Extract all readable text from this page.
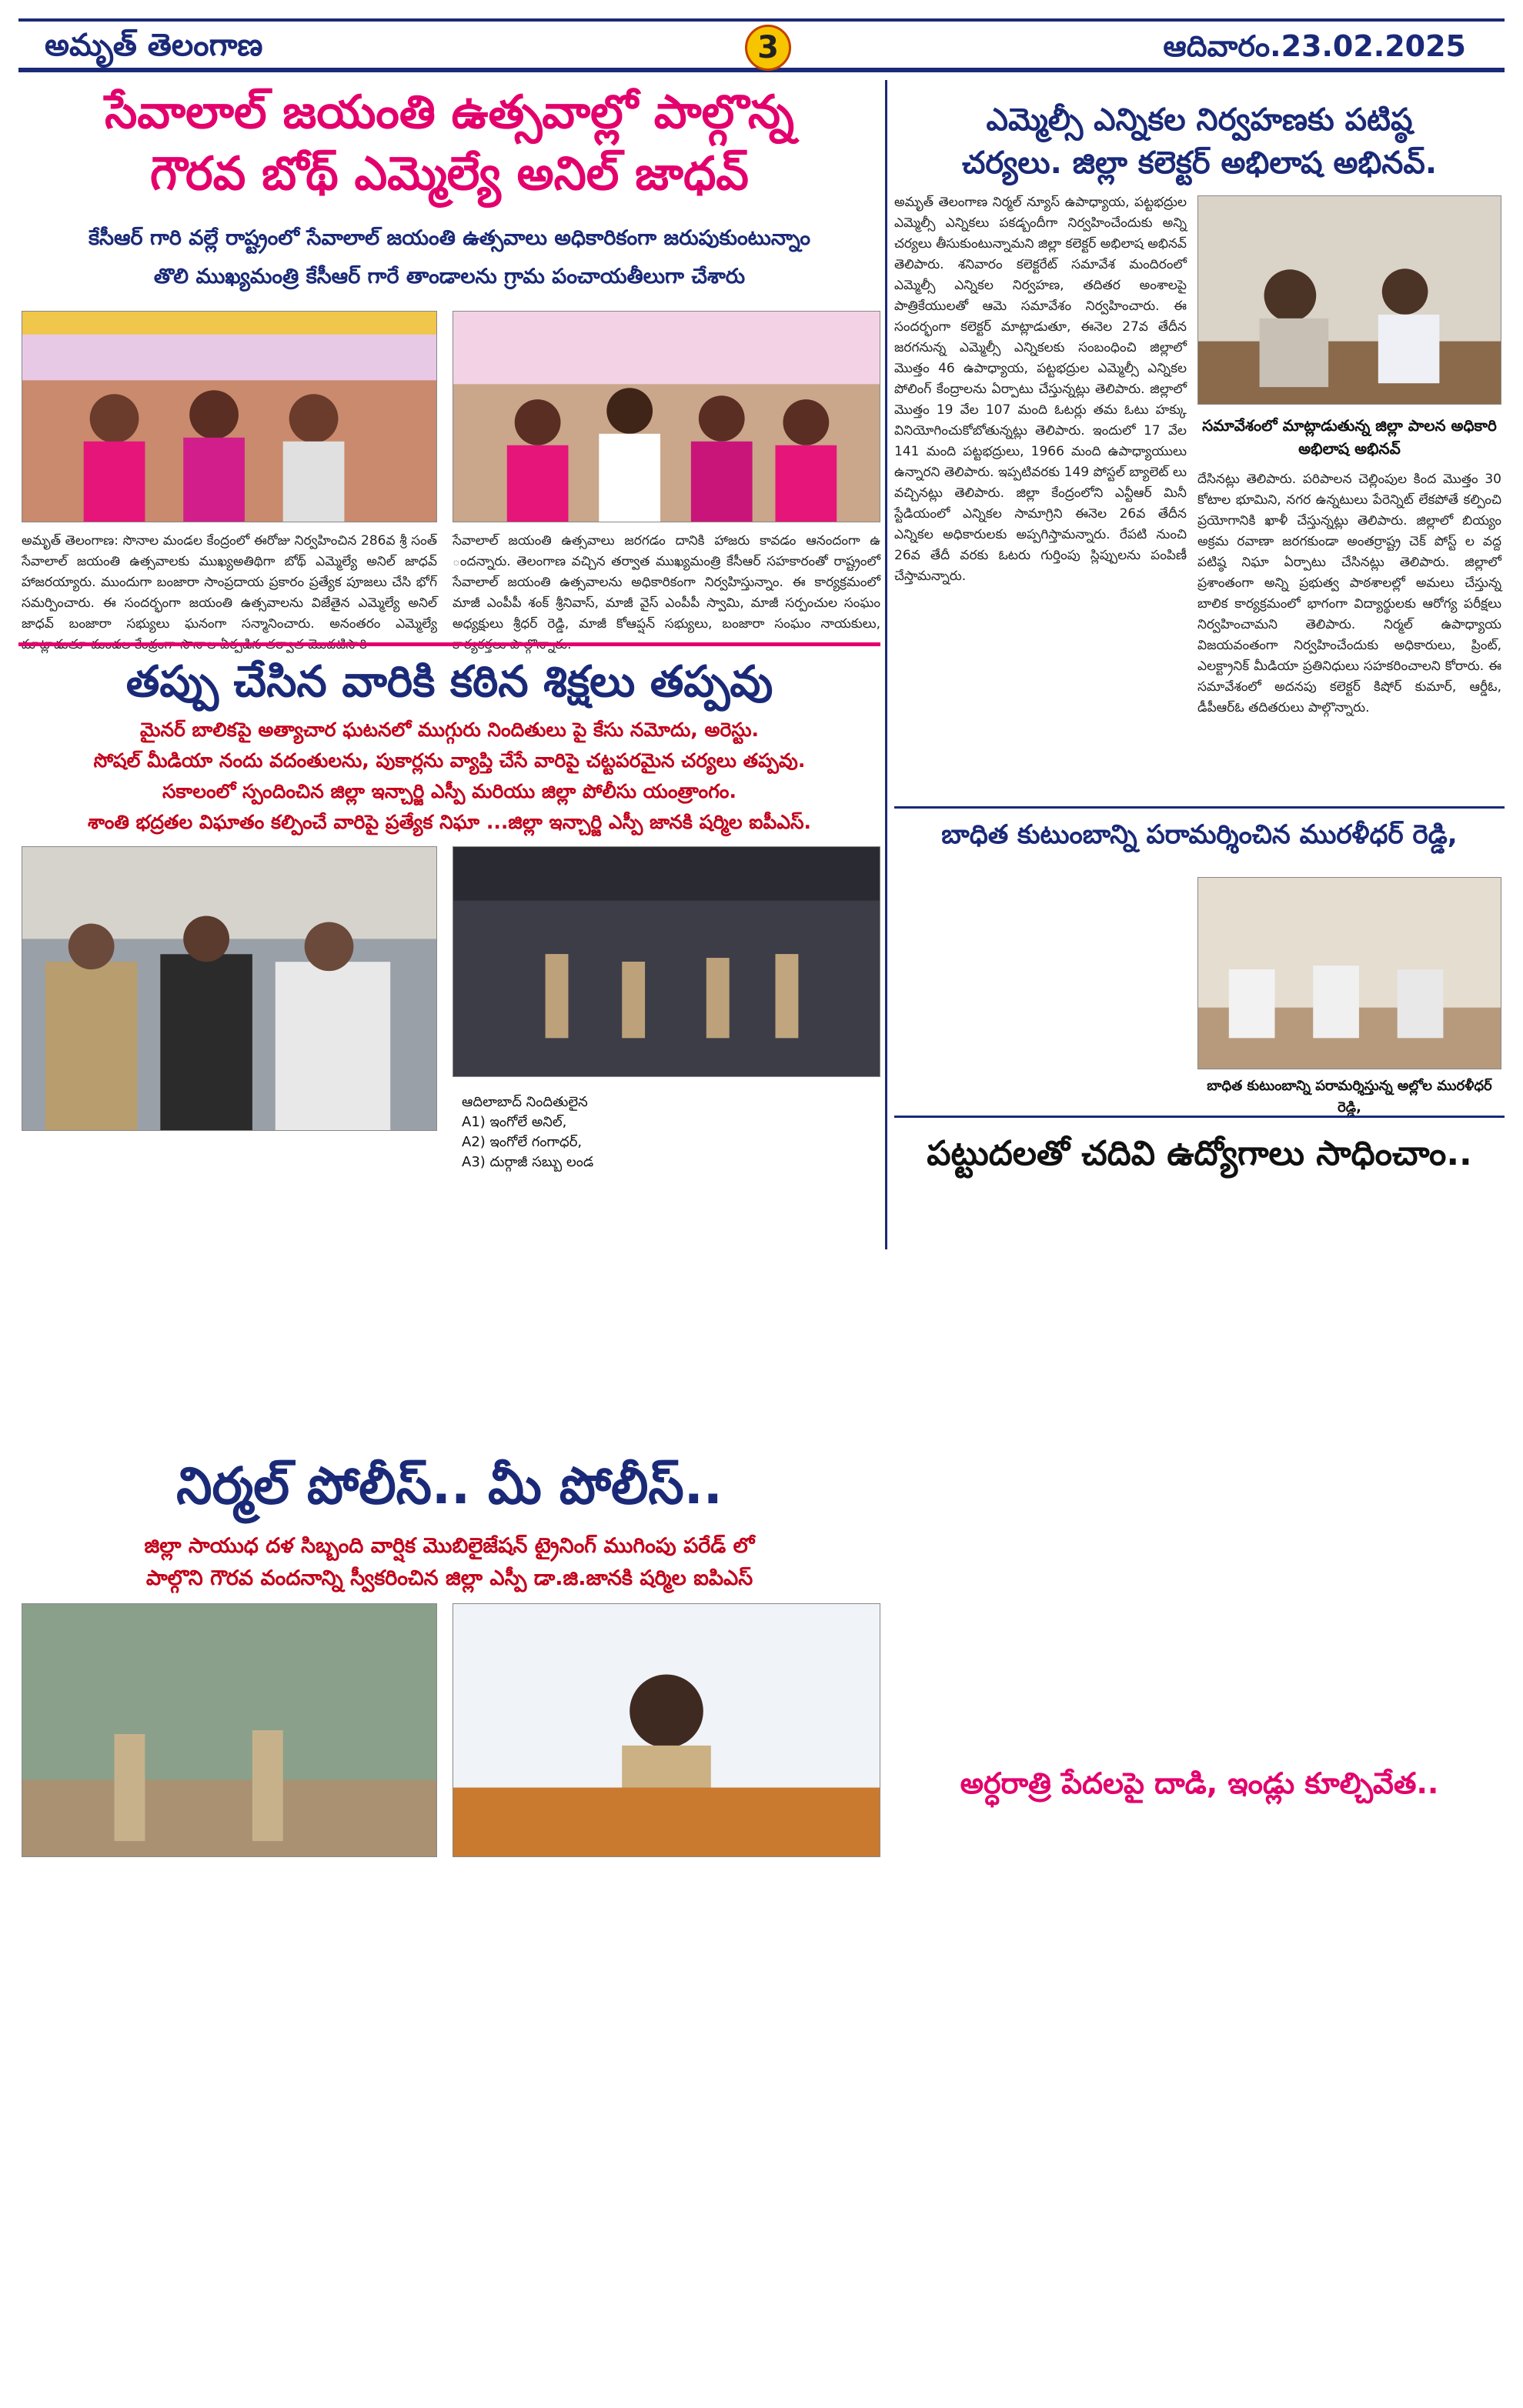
అమృత్ తెలంగాణ	3	ఆదివారం.23.02.2025
సేవాలాల్ జయంతి ఉత్సవాల్లో పాల్గొన్న
గౌరవ బోథ్ ఎమ్మెల్యే అనిల్ జాధవ్
కేసీఆర్ గారి వల్లే రాష్ట్రంలో సేవాలాల్ జయంతి ఉత్సవాలు అధికారికంగా జరుపుకుంటున్నాం
తొలి ముఖ్యమంత్రి కేసీఆర్ గారే తాండాలను గ్రామ పంచాయతీలుగా చేశారు
అమృత్ తెలంగాణ: సొనాల మండల కేంద్రంలో ఈరోజు నిర్వహించిన 286వ శ్రీ సంత్ సేవాలాల్ జయంతి ఉత్సవాలకు ముఖ్యఅతిథిగా బోథ్ ఎమ్మెల్యే అనిల్ జాధవ్ హాజరయ్యారు. ముందుగా బంజారా సాంప్రదాయ ప్రకారం ప్రత్యేక పూజలు చేసి భోగ్ సమర్పించారు. ఈ సందర్భంగా జయంతి ఉత్సవాలను విజేతైన ఎమ్మెల్యే అనిల్ జాధవ్ బంజారా సభ్యులు ఘనంగా సన్మానించారు. అనంతరం ఎమ్మెల్యే
సేవాలాల్ జయంతి ఉత్సవాలు జరగడం దానికి హాజరు కావడం ఆనందంగా ఉ ందన్నారు. తెలంగాణ వచ్చిన తర్వాత ముఖ్యమంత్రి కేసీఆర్ సహకారంతో రాష్ట్రంలో సేవాలాల్ జయంతి ఉత్సవాలను అధికారికంగా నిర్వహిస్తున్నాం. ఈ కార్యక్రమంలో మాజీ ఎంపీపీ శంక్ శ్రీనివాస్, మాజీ వైస్ ఎంపీపీ స్వామి, మాజీ సర్పంచుల సంఘం అధ్యక్షులు శ్రీధర్ రెడ్డి, మాజీ కోఆప్షన్ సభ్యులు, బంజారా సంఘం నాయకులు,
తప్పు చేసిన వారికి కఠిన శిక్షలు తప్పవు
మైనర్ బాలికపై అత్యాచార ఘటనలో ముగ్గురు నిందితులు పై కేసు నమోదు, అరెస్టు.
సోషల్ మీడియా నందు వదంతులను, పుకార్లను వ్యాప్తి చేసే వారిపై చట్టపరమైన చర్యలు తప్పవు.
సకాలంలో స్పందించిన జిల్లా ఇన్చార్జి ఎస్పీ మరియు జిల్లా పోలీసు యంత్రాంగం.
శాంతి భద్రతల విఘాతం కల్పించే వారిపై ప్రత్యేక నిఘా ...జిల్లా ఇన్చార్జి ఎస్పీ జానకి షర్మిల ఐపీఎస్.
ఆదిలాబాద్ నిందితులైన
A1) ఇంగోలే అనిల్,
A2) ఇంగోలే గంగాధర్,
A3) దుర్గాజీ సబ్బు లండ
ఎమ్మెల్సీ ఎన్నికల నిర్వహణకు పటిష్ఠ
చర్యలు. జిల్లా కలెక్టర్ అభిలాష అభినవ్.
అమృత్ తెలంగాణ నిర్మల్ న్యూస్ ఉపాధ్యాయ, పట్టభద్రుల ఎమ్మెల్సీ ఎన్నికలు పకడ్బందీగా నిర్వహించేందుకు అన్ని చర్యలు తీసుకుంటున్నామని జిల్లా కలెక్టర్ అభిలాష అభినవ్ తెలిపారు. శనివారం కలెక్టరేట్ సమావేశ మందిరంలో ఎమ్మెల్సీ ఎన్నికల నిర్వహణ, తదితర అంశాలపై పాత్రికేయులతో ఆమె సమావేశం నిర్వహించారు. ఈ సందర్భంగా కలెక్టర్ మాట్లాడుతూ, ఈనెల 27వ తేదీన జరగనున్న ఎమ్మెల్సీ ఎన్నికలకు సంబంధించి జిల్లాలో మొత్తం 46 ఉపాధ్యాయ, పట్టభద్రుల ఎమ్మెల్సీ ఎన్నికల పోలింగ్ కేంద్రాలను ఏర్పాటు చేస్తున్నట్లు తెలిపారు. జిల్లాలో మొత్తం 19 వేల 107 మంది ఓటర్లు తమ ఓటు హక్కు వినియోగించుకోబోతున్నట్లు తెలిపారు. ఇందులో 17 వేల 141 మంది పట్టభద్రులు, 1966 మంది ఉపాధ్యాయులు ఉన్నారని తెలిపారు. ఇప్పటివరకు 149 పోస్టల్ బ్యాలెట్ లు వచ్చినట్లు తెలిపారు. జిల్లా కేంద్రంలోని ఎన్టీఆర్ మినీ స్టేడియంలో ఎన్నికల సామాగ్రిని ఈనెల 26వ తేదీన ఎన్నికల అధికారులకు అప్పగిస్తామన్నారు. రేపటి నుంచి 26వ తేదీ వరకు ఓటరు గుర్తింపు స్లిప్పులను పంపిణీ చేస్తామన్నారు.
సమావేశంలో మాట్లాడుతున్న జిల్లా పాలన అధికారి అభిలాష అభినవ్
దేసినట్లు తెలిపారు. పరిపాలన చెల్లింపుల కింద మొత్తం 30 కోటాల భూమిని, నగర ఉన్నటులు పేరెన్నిట్ లేకపోతే కల్పించి ప్రయోగానికి ఖాళీ చేస్తున్నట్లు తెలిపారు. జిల్లాలో బియ్యం అక్రమ రవాణా జరగకుండా అంతర్రాష్ట్ర చెక్ పోస్ట్ ల వద్ద పటిష్ఠ నిఘా ఏర్పాటు చేసినట్లు తెలిపారు. జిల్లాలో ప్రశాంతంగా అన్ని ప్రభుత్వ పాఠశాలల్లో అమలు చేస్తున్న బాలిక కార్యక్రమంలో భాగంగా విద్యార్థులకు ఆరోగ్య పరీక్షలు నిర్వహించామని తెలిపారు. నిర్మల్ ఉపాధ్యాయ విజయవంతంగా నిర్వహించేందుకు అధికారులు, ప్రింట్, ఎలక్ట్రానిక్ మీడియా ప్రతినిధులు సహకరించాలని కోరారు. ఈ సమావేశంలో అదనపు కలెక్టర్ కిషోర్ కుమార్, ఆర్డీఓ, డీపీఆర్ఓ తదితరులు పాల్గొన్నారు.
బాధిత కుటుంబాన్ని పరామర్శించిన మురళీధర్ రెడ్డి,
బాధిత కుటుంబాన్ని పరామర్శిస్తున్న అల్లోల మురళీధర్ రెడ్డి,
పట్టుదలతో చదివి ఉద్యోగాలు సాధించాం..
నిర్మల్ పోలీస్.. మీ పోలీస్..
జిల్లా సాయుధ దళ సిబ్బంది వార్షిక మొబిలైజేషన్ ట్రైనింగ్ ముగింపు పరేడ్ లో
పాల్గొని గౌరవ వందనాన్ని స్వీకరించిన జిల్లా ఎస్పీ డా.జి.జానకి షర్మిల ఐపిఎస్
అర్ధరాత్రి పేదలపై దాడి, ఇండ్లు కూల్చివేత..
